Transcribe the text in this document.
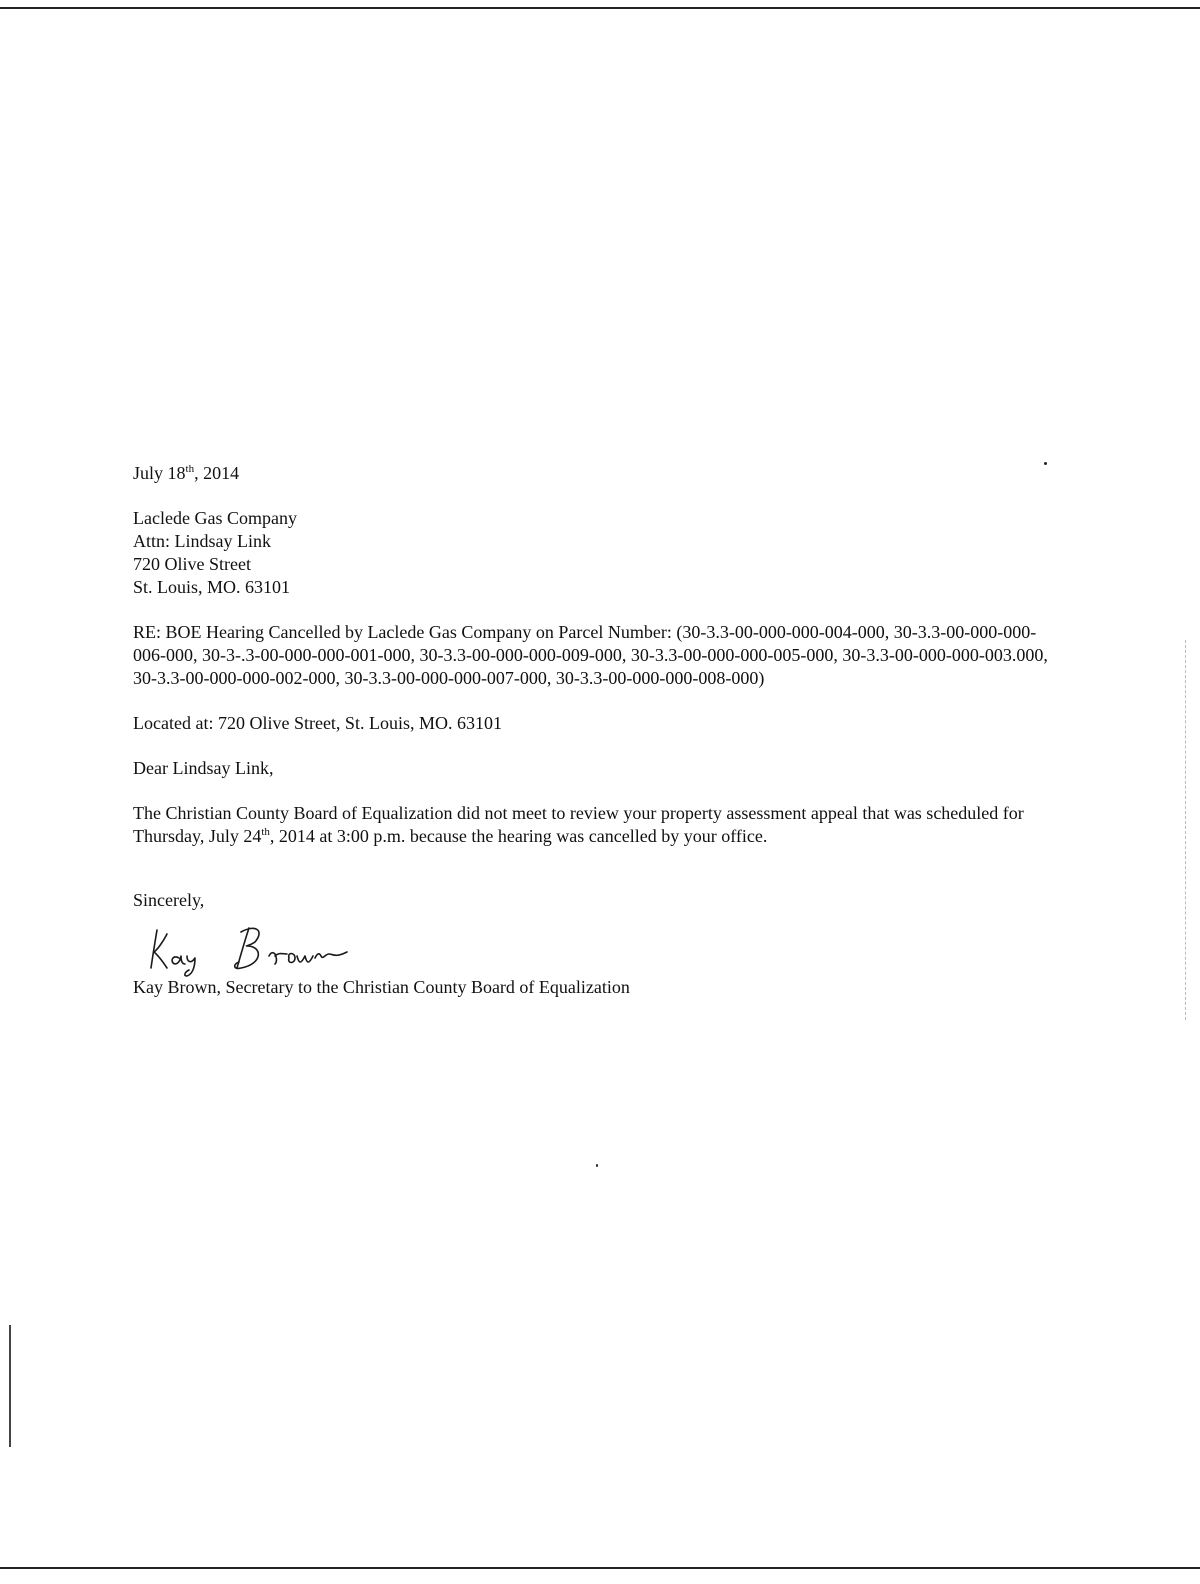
July 18th, 2014

Laclede Gas Company
Attn: Lindsay Link
720 Olive Street
St. Louis, MO. 63101

RE: BOE Hearing Cancelled by Laclede Gas Company on Parcel Number: (30-3.3-00-000-000-004-000, 30-3.3-00-000-000-006-000, 30-3-.3-00-000-000-001-000, 30-3.3-00-000-000-009-000, 30-3.3-00-000-000-005-000, 30-3.3-00-000-000-003.000, 30-3.3-00-000-000-002-000, 30-3.3-00-000-000-007-000, 30-3.3-00-000-000-008-000)

Located at: 720 Olive Street, St. Louis, MO. 63101

Dear Lindsay Link,

The Christian County Board of Equalization did not meet to review your property assessment appeal that was scheduled for Thursday, July 24th, 2014 at 3:00 p.m. because the hearing was cancelled by your office.

Sincerely,

Kay Brown, Secretary to the Christian County Board of Equalization
